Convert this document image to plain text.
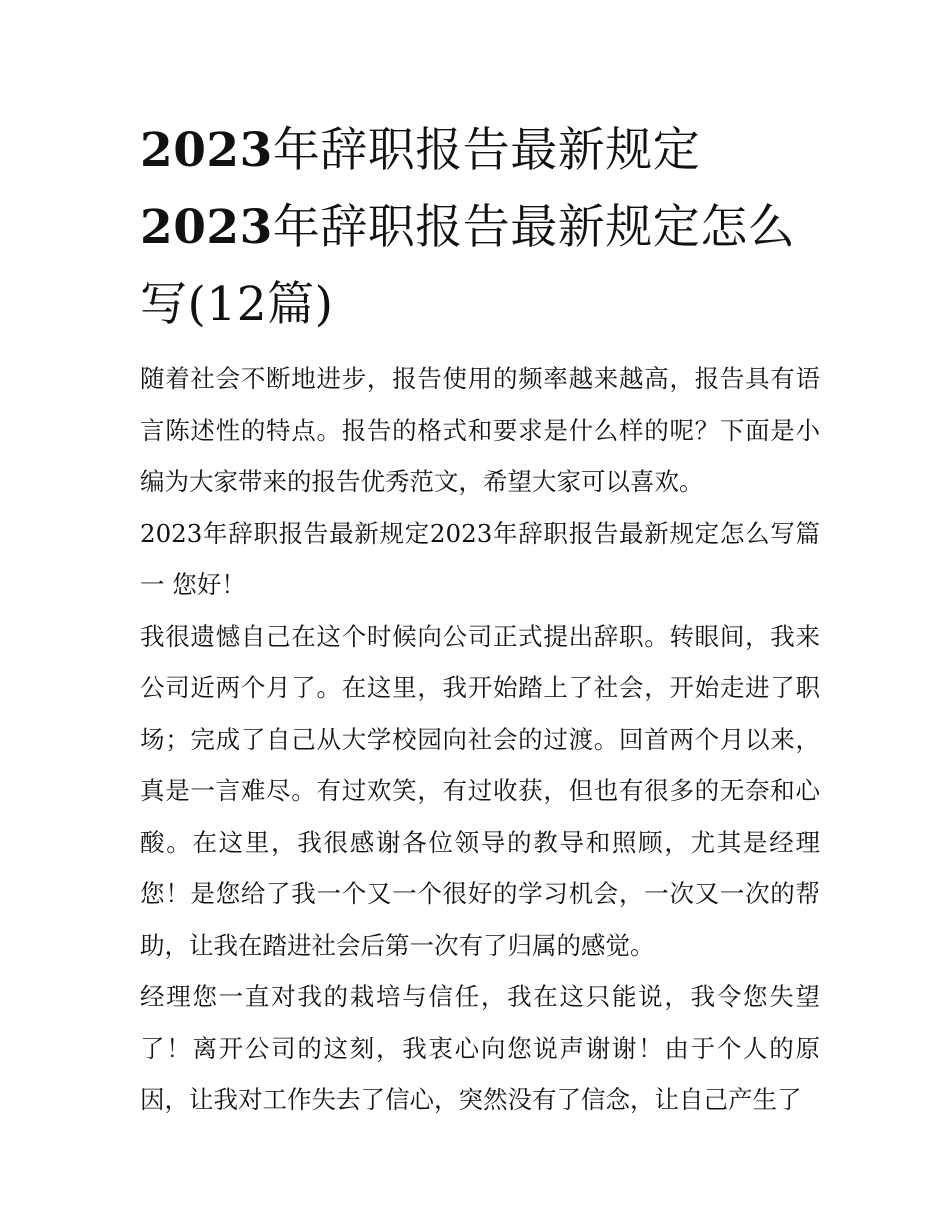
2023年辞职报告最新规定
2023年辞职报告最新规定怎么写(12篇)

随着社会不断地进步，报告使用的频率越来越高，报告具有语言陈述性的特点。报告的格式和要求是什么样的呢？下面是小编为大家带来的报告优秀范文，希望大家可以喜欢。

2023年辞职报告最新规定2023年辞职报告最新规定怎么写篇一 您好！

我很遗憾自己在这个时候向公司正式提出辞职。转眼间，我来公司近两个月了。在这里，我开始踏上了社会，开始走进了职场；完成了自己从大学校园向社会的过渡。回首两个月以来，真是一言难尽。有过欢笑，有过收获，但也有很多的无奈和心酸。在这里，我很感谢各位领导的教导和照顾，尤其是经理您！是您给了我一个又一个很好的学习机会，一次又一次的帮助，让我在踏进社会后第一次有了归属的感觉。

经理您一直对我的栽培与信任，我在这只能说，我令您失望了！离开公司的这刻，我衷心向您说声谢谢！由于个人的原因，让我对工作失去了信心，突然没有了信念，让自己产生了
